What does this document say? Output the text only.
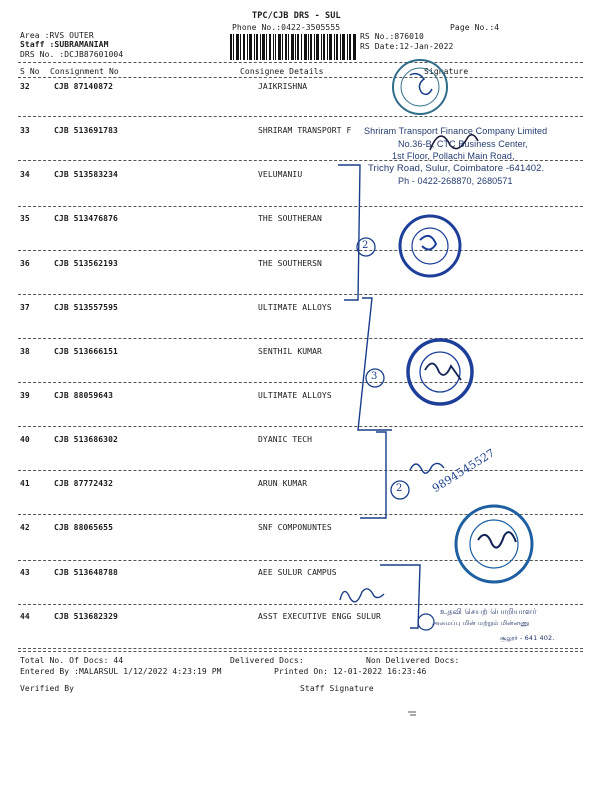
TPC/CJB DRS - SUL
Phone No.:0422-3505555	Page No.:4
Area :RVS OUTER
Staff :SUBRAMANIAM
DRS No. :DCJB87601004
RS No.:876010
RS Date:12-Jan-2022
S No Consignment No	Consignee Details	Signature
32	CJB 87140872	JAIKRISHNA
33	CJB 513691783	SHRIRAM TRANSPORT F
34	CJB 513583234	VELUMANIU
35	CJB 513476876	THE SOUTHERAN
36	CJB 513562193	THE SOUTHERSN
37	CJB 513557595	ULTIMATE ALLOYS
38	CJB 513666151	SENTHIL KUMAR
39	CJB 88059643	ULTIMATE ALLOYS
40	CJB 513686302	DYANIC TECH
41	CJB 87772432	ARUN KUMAR
42	CJB 88065655	SNF COMPONUNTES
43	CJB 513648788	AEE SULUR CAMPUS
44	CJB 513682329	ASST EXECUTIVE ENGG SULUR
Shriram Transport Finance Company Limited
No.36-B, CTC Business Center,
1st Floor, Pollachi Main Road,
Trichy Road, Sulur, Coimbatore -641402.
Ph - 0422-268870, 2680571
உதவி செயற் பொறியாளர்
அமைப்பு மின் மற்றும் மின்னணு
சூலூர் - 641 402.
2
3
2	9894545527
Total No. Of Docs: 44	Delivered Docs:	Non Delivered Docs:
Entered By :MALARSUL 1/12/2022 4:23:19 PM	Printed On: 12-01-2022 16:23:46
Verified By	Staff Signature
